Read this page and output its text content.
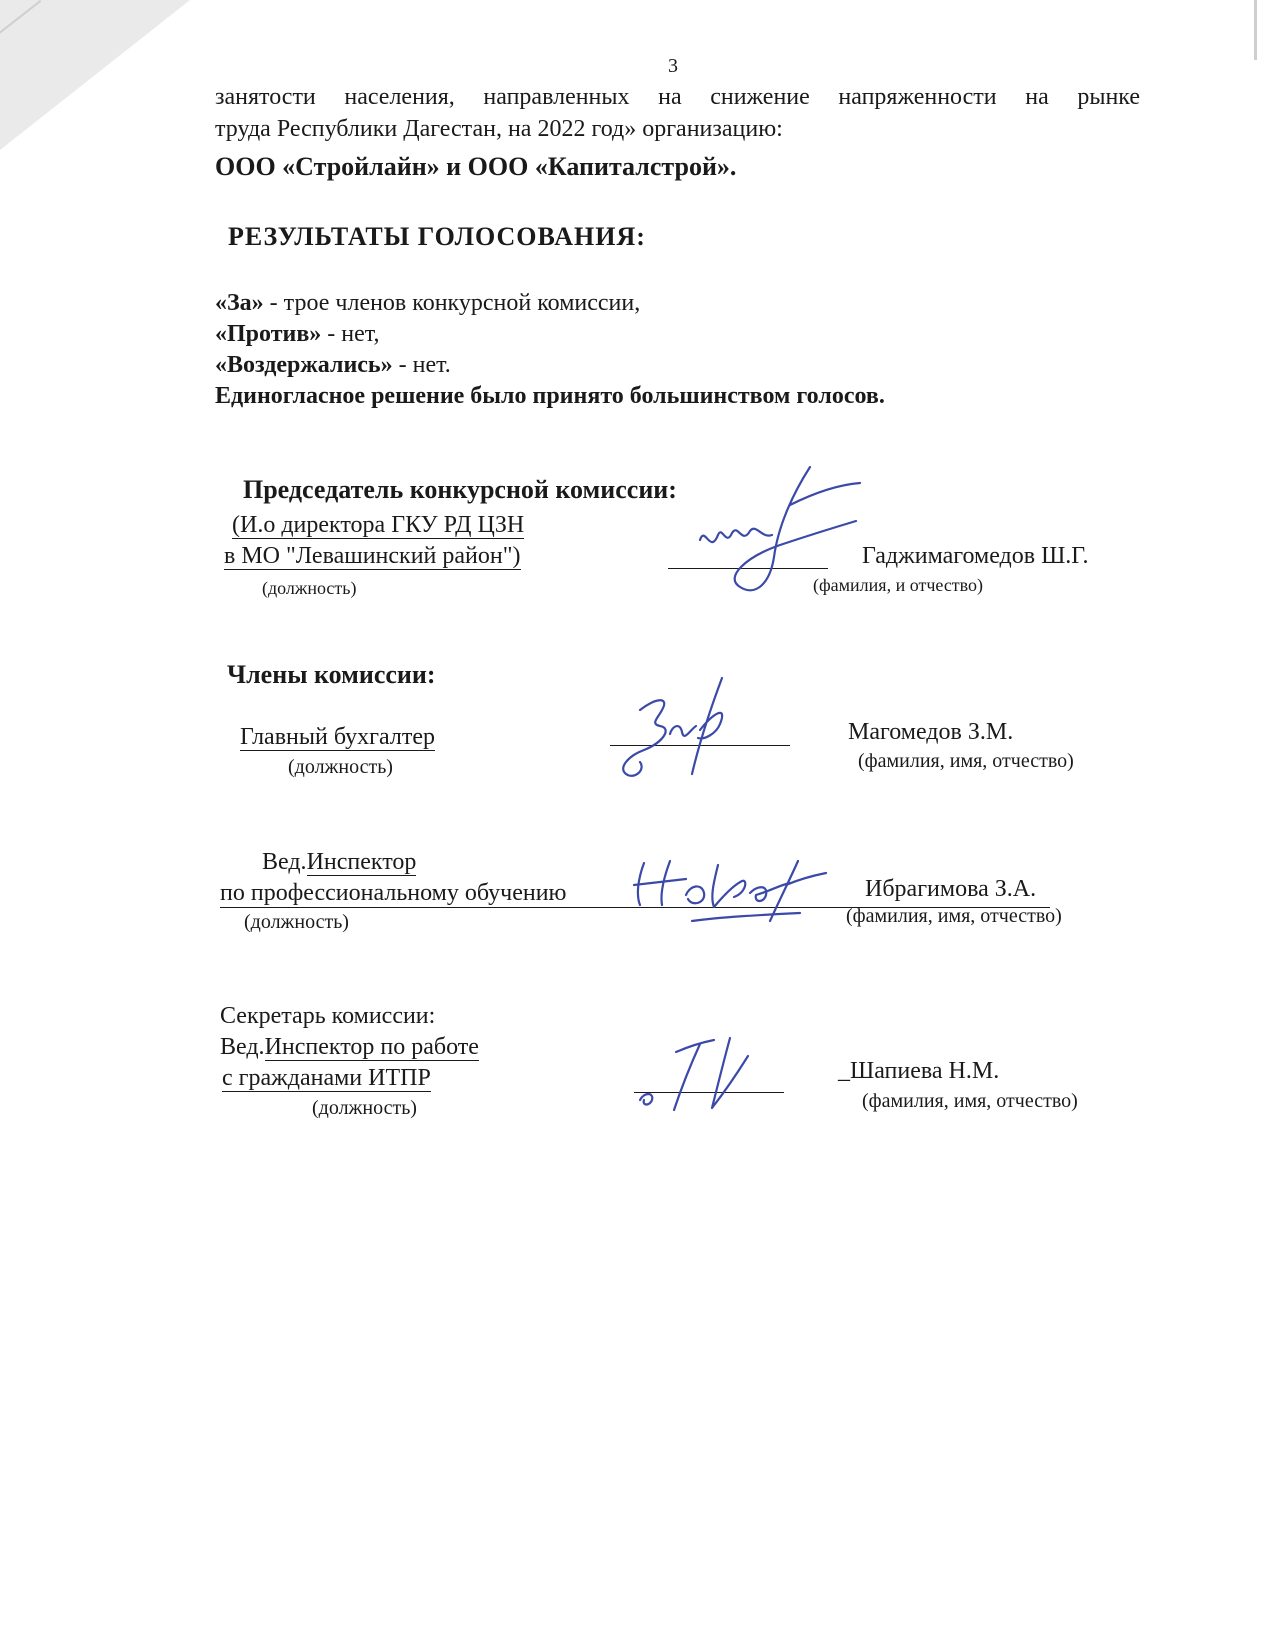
3
занятости населения, направленных на снижение напряженности на рынке
труда Республики Дагестан, на 2022 год» организацию:
ООО «Стройлайн» и ООО «Капиталстрой».
РЕЗУЛЬТАТЫ ГОЛОСОВАНИЯ:
«За» - трое членов конкурсной комиссии,
«Против» - нет,
«Воздержались» - нет.
Единогласное решение было принято большинством голосов.
Председатель конкурсной комиссии:
(И.о директора ГКУ РД ЦЗН
в МО "Левашинский район")
(должность)
Гаджимагомедов Ш.Г.
(фамилия, и отчество)
Члены комиссии:
Главный бухгалтер
(должность)
Магомедов З.М.
(фамилия, имя, отчество)
Вед.Инспектор
по профессиональному обучению	Ибрагимова З.А.
(должность)	(фамилия, имя, отчество)
Секретарь комиссии:
Вед.Инспектор по работе
с гражданами ИТПР
(должность)
_Шапиева Н.М.
(фамилия, имя, отчество)
